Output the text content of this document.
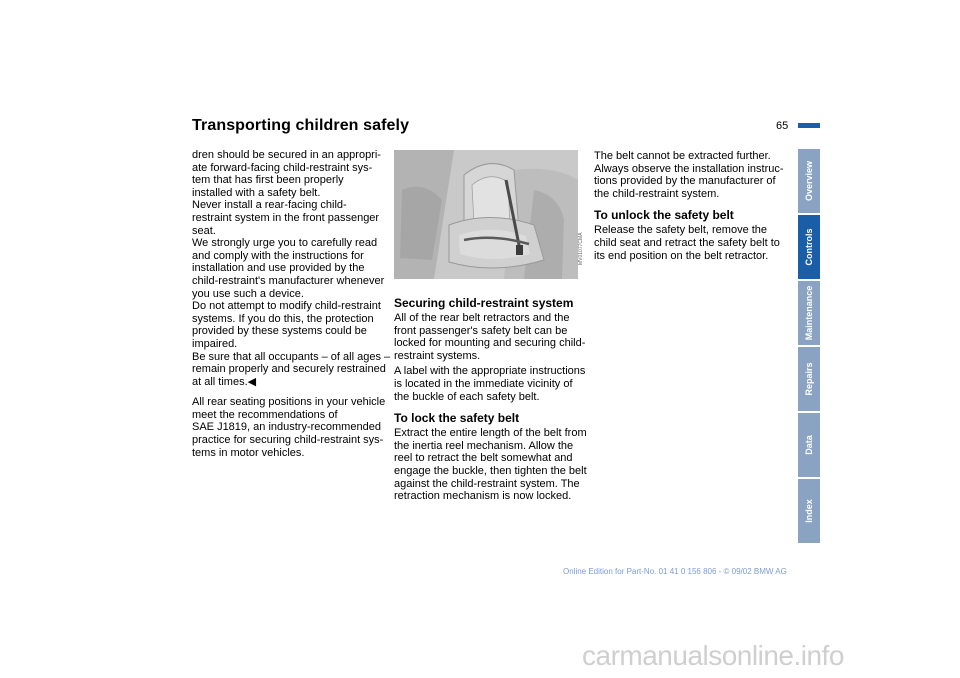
Transporting children safely	65
dren should be secured in an appropri-
ate forward-facing child-restraint sys-
tem that has first been properly
installed with a safety belt.
Never install a rear-facing child-
restraint system in the front passenger
seat.
We strongly urge you to carefully read
and comply with the instructions for
installation and use provided by the
child-restraint's manufacturer whenever
you use such a device.
Do not attempt to modify child-restraint
systems. If you do this, the protection
provided by these systems could be
impaired.
Be sure that all occupants – of all ages –
remain properly and securely restrained
at all times.◀
All rear seating positions in your vehicle
meet the recommendations of
SAE J1819, an industry-recommended
practice for securing child-restraint sys-
tems in motor vehicles.
MV01077CMA
Securing child-restraint system
All of the rear belt retractors and the
front passenger's safety belt can be
locked for mounting and securing child-
restraint systems.
A label with the appropriate instructions
is located in the immediate vicinity of
the buckle of each safety belt.
To lock the safety belt
Extract the entire length of the belt from
the inertia reel mechanism. Allow the
reel to retract the belt somewhat and
engage the buckle, then tighten the belt
against the child-restraint system. The
retraction mechanism is now locked.
The belt cannot be extracted further.
Always observe the installation instruc-
tions provided by the manufacturer of
the child-restraint system.
To unlock the safety belt
Release the safety belt, remove the
child seat and retract the safety belt to
its end position on the belt retractor.
Overview
Controls
Maintenance
Repairs
Data
Index
Online Edition for Part-No. 01 41 0 156 806 - © 09/02 BMW AG
carmanualsonline.info
